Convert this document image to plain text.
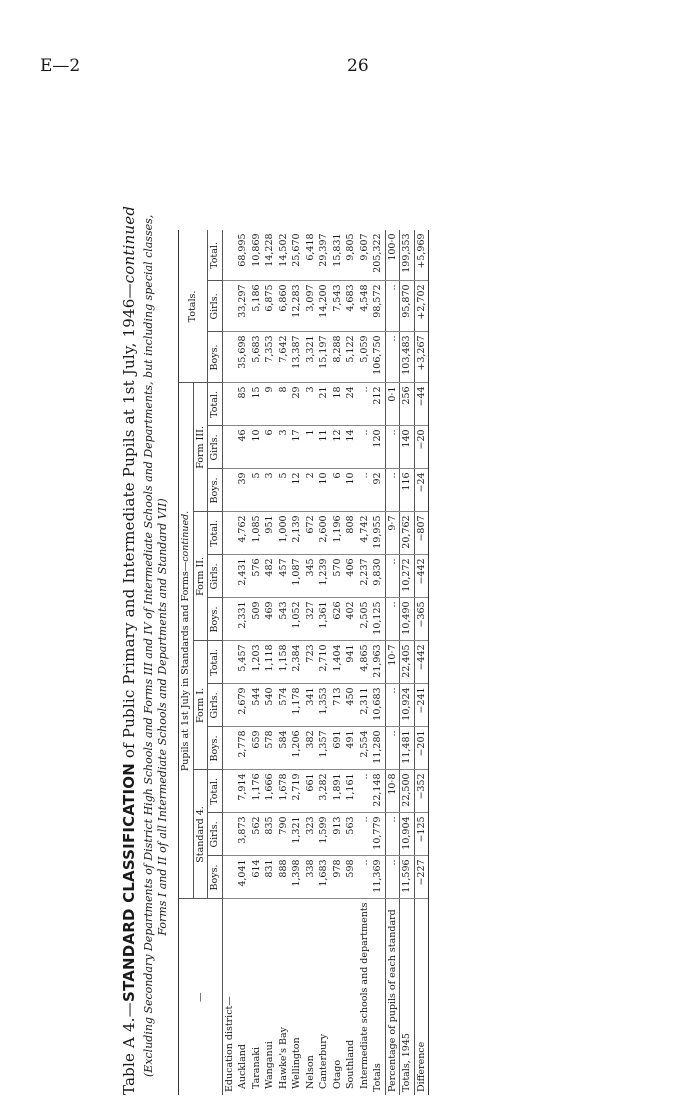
E—2	26
Table A 4.—STANDARD CLASSIFICATION of Public Primary and Intermediate Pupils at 1st July, 1946—continued (Excluding Secondary Departments of District High Schools and Forms III and IV of Intermediate Schools and Departments, but including special classes, Forms I and II of all Intermediate Schools and Departments and Standard VII)
—	Pupils at 1st July in Standards and Forms—continued.												Totals.		
	Standard 4.			Form I.			Form II.			Form III.					
	Boys.	Girls.	Total.	Boys.	Girls.	Total.	Boys.	Girls.	Total.	Boys.	Girls.	Total.	Boys.	Girls.	Total.
Education district—															
Auckland	4,041	3,873	7,914	2,778	2,679	5,457	2,331	2,431	4,762	39	46	85	35,698	33,297	68,995
Taranaki	614	562	1,176	659	544	1,203	509	576	1,085	5	10	15	5,683	5,186	10,869
Wanganui	831	835	1,666	578	540	1,118	469	482	951	3	6	9	7,353	6,875	14,228
Hawke's Bay	888	790	1,678	584	574	1,158	543	457	1,000	5	3	8	7,642	6,860	14,502
Wellington	1,398	1,321	2,719	1,206	1,178	2,384	1,052	1,087	2,139	12	17	29	13,387	12,283	25,670
Nelson	338	323	661	382	341	723	327	345	672	2	1	3	3,321	3,097	6,418
Canterbury	1,683	1,599	3,282	1,357	1,353	2,710	1,361	1,239	2,600	10	11	21	15,197	14,200	29,397
Otago	978	913	1,891	691	713	1,404	626	570	1,196	6	12	18	8,288	7,543	15,831
Southland	598	563	1,161	491	450	941	402	406	808	10	14	24	5,122	4,683	9,805
Intermediate schools and departments	..	..	..	2,554	2,311	4,865	2,505	2,237	4,742	..	..	..	5,059	4,548	9,607
Totals	11,369	10,779	22,148	11,280	10,683	21,963	10,125	9,830	19,955	92	120	212	106,750	98,572	205,322
Percentage of pupils of each standard	..	..	10·8	..	..	10·7	..	..	9·7	..	..	0·1	..	..	100·0
Totals, 1945	11,596	10,904	22,500	11,481	10,924	22,405	10,490	10,272	20,762	116	140	256	103,483	95,870	199,353
Difference	−227	−125	−352	−201	−241	−442	−365	−442	−807	−24	−20	−44	+3,267	+2,702	+5,969
